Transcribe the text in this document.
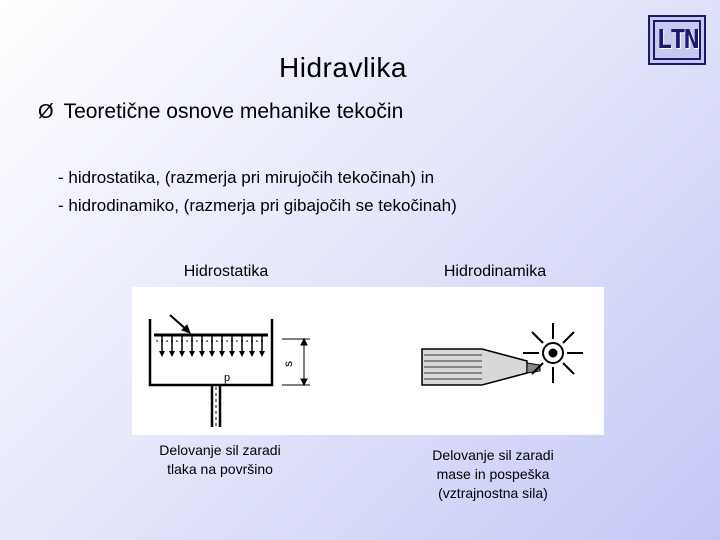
LTN
Hidravlika
Ø Teoretične osnove mehanike tekočin
- hidrostatika, (razmerja pri mirujočih tekočinah) in
- hidrodinamiko, (razmerja pri gibajočih se tekočinah)
Hidrostatika	Hidrodinamika
s
p
Delovanje sil zaradi
tlaka na površino
Delovanje sil zaradi
mase in pospeška
(vztrajnostna sila)
